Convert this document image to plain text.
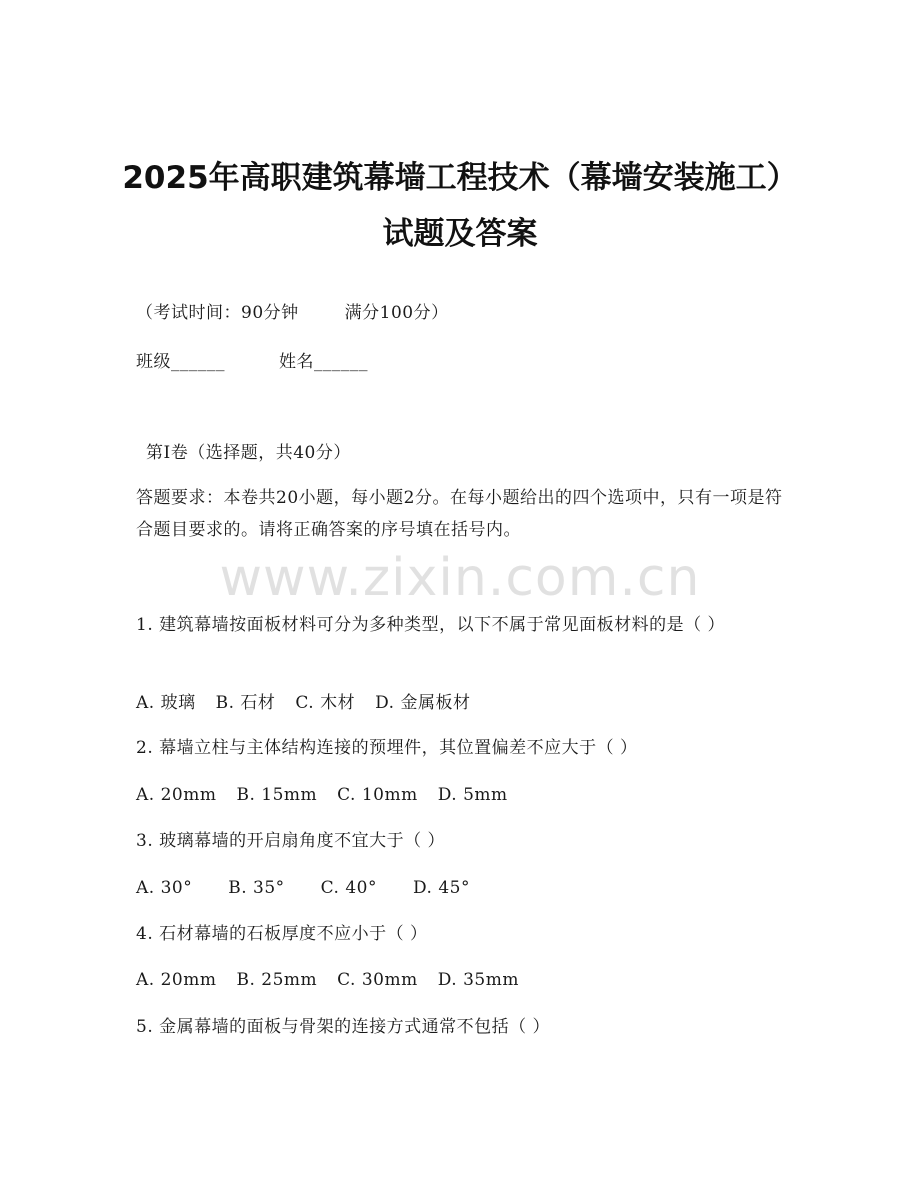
2025年高职建筑幕墙工程技术（幕墙安装施工）试题及答案
（考试时间：90分钟	满分100分）
班级______	姓名______
第I卷（选择题，共40分）
答题要求：本卷共20小题，每小题2分。在每小题给出的四个选项中，只有一项是符合题目要求的。请将正确答案的序号填在括号内。
www.zixin.com.cn
1. 建筑幕墙按面板材料可分为多种类型，以下不属于常见面板材料的是（ ）
A. 玻璃 B. 石材 C. 木材 D. 金属板材
2. 幕墙立柱与主体结构连接的预埋件，其位置偏差不应大于（ ）
A. 20mm B. 15mm C. 10mm D. 5mm
3. 玻璃幕墙的开启扇角度不宜大于（ ）
A. 30° B. 35° C. 40° D. 45°
4. 石材幕墙的石板厚度不应小于（ ）
A. 20mm B. 25mm C. 30mm D. 35mm
5. 金属幕墙的面板与骨架的连接方式通常不包括（ ）
